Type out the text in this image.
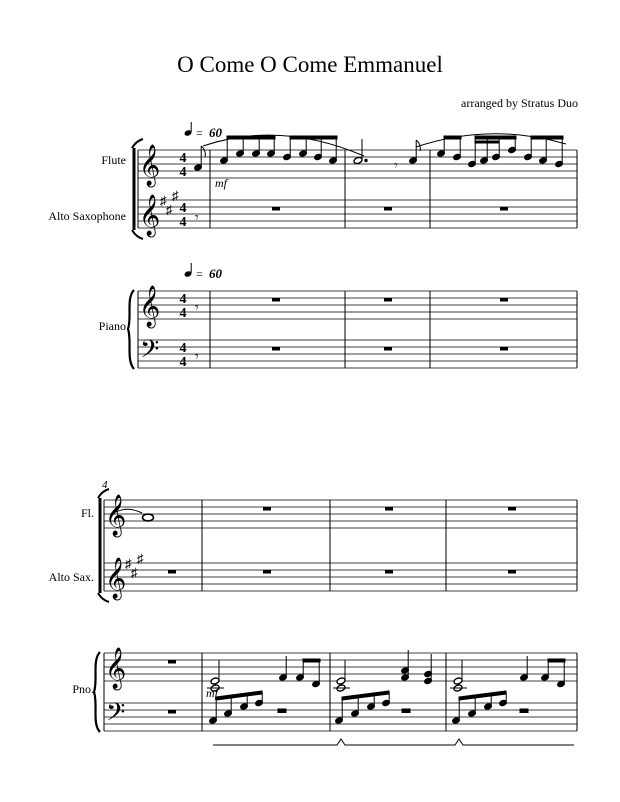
O Come O Come Emmanuel
arranged by Stratus Duo
= 60
= 60
Flute
Alto Saxophone
Piano
𝄞
𝄞
𝄞
𝄢
♯
♯
♯
4
4
4
4
4
4
4
4
𝄾
𝄾
𝄾
𝄾
mf
4
Fl.
Alto Sax.
Pno.
𝄞
𝄞
𝄞
𝄢
♯
♯
♯
mf
